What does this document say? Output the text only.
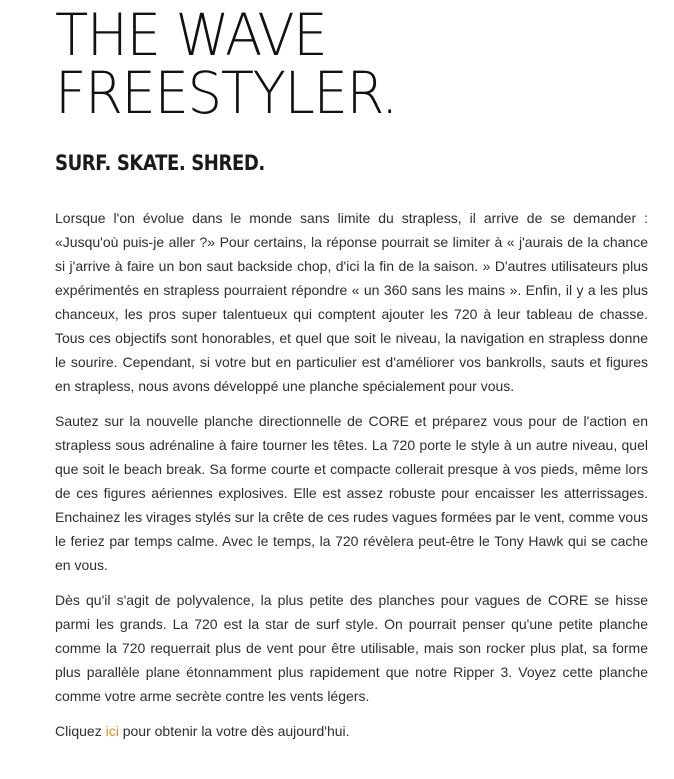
THE WAVE
FREESTYLER.
SURF. SKATE. SHRED.

Lorsque l'on évolue dans le monde sans limite du strapless, il arrive de se demander : «Jusqu'où puis-je aller ?» Pour certains, la réponse pourrait se limiter à « j'aurais de la chance si j'arrive à faire un bon saut backside chop, d'ici la fin de la saison. » D'autres utilisateurs plus expérimentés en strapless pourraient répondre « un 360 sans les mains ». Enfin, il y a les plus chanceux, les pros super talentueux qui comptent ajouter les 720 à leur tableau de chasse. Tous ces objectifs sont honorables, et quel que soit le niveau, la navigation en strapless donne le sourire. Cependant, si votre but en particulier est d'améliorer vos bankrolls, sauts et figures en strapless, nous avons développé une planche spécialement pour vous.

Sautez sur la nouvelle planche directionnelle de CORE et préparez vous pour de l'action en strapless sous adrénaline à faire tourner les têtes. La 720 porte le style à un autre niveau, quel que soit le beach break. Sa forme courte et compacte collerait presque à vos pieds, même lors de ces figures aériennes explosives. Elle est assez robuste pour encaisser les atterrissages. Enchainez les virages stylés sur la crête de ces rudes vagues formées par le vent, comme vous le feriez par temps calme. Avec le temps, la 720 révèlera peut-être le Tony Hawk qui se cache en vous.

Dès qu'il s'agit de polyvalence, la plus petite des planches pour vagues de CORE se hisse parmi les grands. La 720 est la star de surf style. On pourrait penser qu'une petite planche comme la 720 requerrait plus de vent pour être utilisable, mais son rocker plus plat, sa forme plus parallèle plane étonnamment plus rapidement que notre Ripper 3. Voyez cette planche comme votre arme secrète contre les vents légers.

Cliquez ici pour obtenir la votre dès aujourd'hui.
